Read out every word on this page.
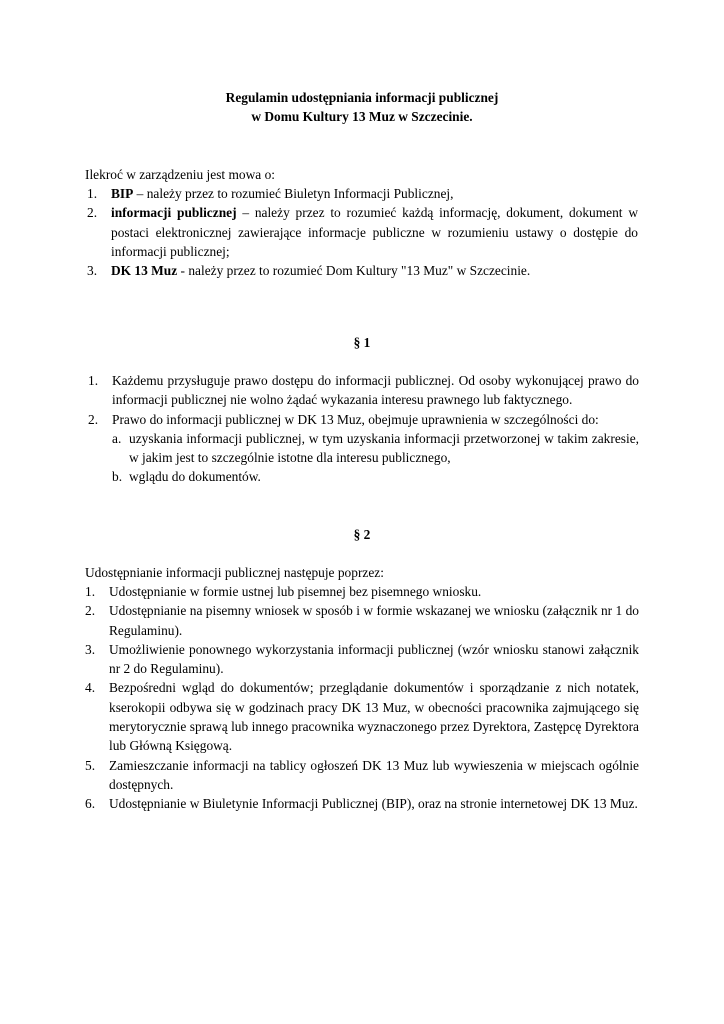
Regulamin udostępniania informacji publicznej
w Domu Kultury 13 Muz w Szczecinie.
Ilekroć w zarządzeniu jest mowa o:
1. BIP – należy przez to rozumieć Biuletyn Informacji Publicznej,
2. informacji publicznej – należy przez to rozumieć każdą informację, dokument, dokument w postaci elektronicznej zawierające informacje publiczne w rozumieniu ustawy o dostępie do informacji publicznej;
3. DK 13 Muz - należy przez to rozumieć Dom Kultury "13 Muz" w Szczecinie.
§ 1
1. Każdemu przysługuje prawo dostępu do informacji publicznej. Od osoby wykonującej prawo do informacji publicznej nie wolno żądać wykazania interesu prawnego lub faktycznego.
2. Prawo do informacji publicznej w DK 13 Muz, obejmuje uprawnienia w szczególności do:
a. uzyskania informacji publicznej, w tym uzyskania informacji przetworzonej w takim zakresie, w jakim jest to szczególnie istotne dla interesu publicznego,
b. wglądu do dokumentów.
§ 2
Udostępnianie informacji publicznej następuje poprzez:
1. Udostępnianie w formie ustnej lub pisemnej bez pisemnego wniosku.
2. Udostępnianie na pisemny wniosek w sposób i w formie wskazanej we wniosku (załącznik nr 1 do Regulaminu).
3. Umożliwienie ponownego wykorzystania informacji publicznej (wzór wniosku stanowi załącznik nr 2 do Regulaminu).
4. Bezpośredni wgląd do dokumentów; przeglądanie dokumentów i sporządzanie z nich notatek, kserokopii odbywa się w godzinach pracy DK 13 Muz, w obecności pracownika zajmującego się merytorycznie sprawą lub innego pracownika wyznaczonego przez Dyrektora, Zastępcę Dyrektora lub Główną Księgową.
5. Zamieszczanie informacji na tablicy ogłoszeń DK 13 Muz lub wywieszenia w miejscach ogólnie dostępnych.
6. Udostępnianie w Biuletynie Informacji Publicznej (BIP), oraz na stronie internetowej DK 13 Muz.
